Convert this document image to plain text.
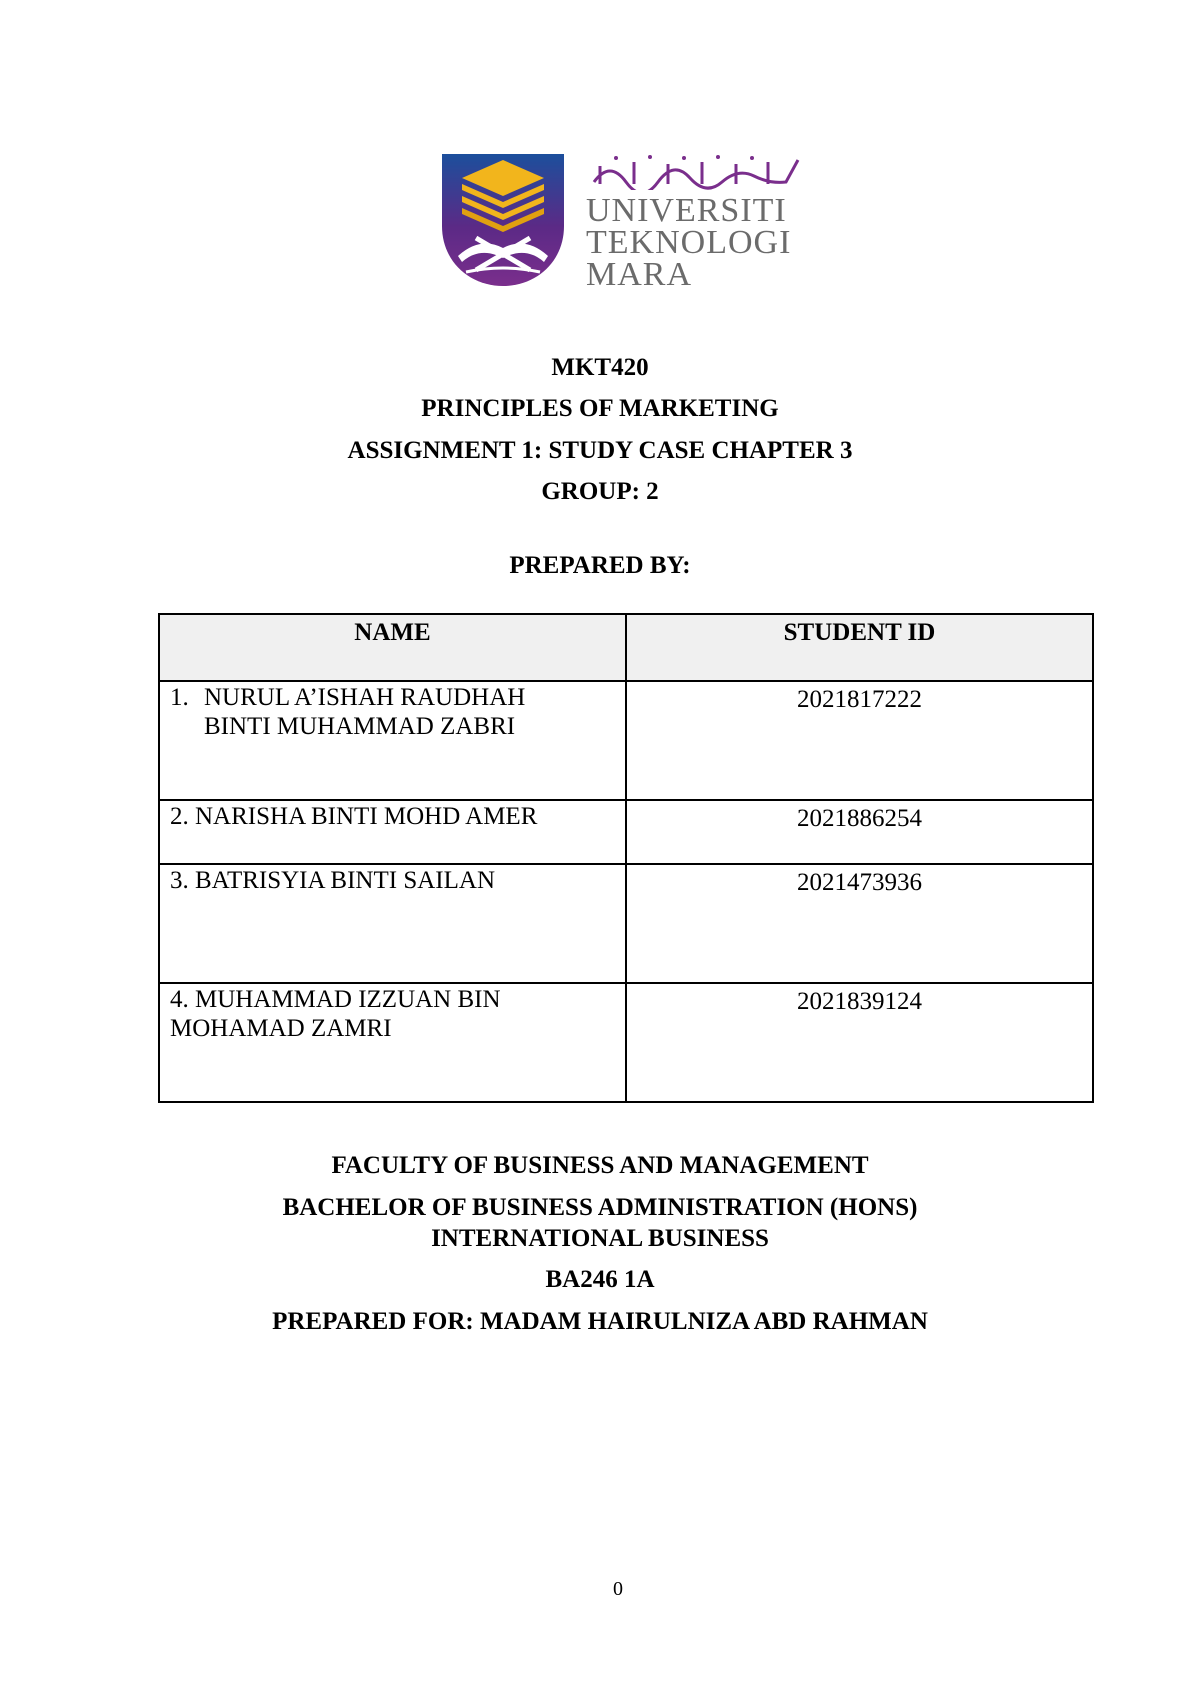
UNIVERSITI
TEKNOLOGI
MARA
MKT420
PRINCIPLES OF MARKETING
ASSIGNMENT 1: STUDY CASE CHAPTER 3
GROUP: 2
PREPARED BY:
NAME	STUDENT ID
1. NURUL A’ISHAH RAUDHAH
BINTI MUHAMMAD ZABRI	2021817222
2. NARISHA BINTI MOHD AMER	2021886254
3. BATRISYIA BINTI SAILAN	2021473936

4. MUHAMMAD IZZUAN BIN
MOHAMAD ZAMRI	2021839124
FACULTY OF BUSINESS AND MANAGEMENT
BACHELOR OF BUSINESS ADMINISTRATION (HONS)
INTERNATIONAL BUSINESS
BA246 1A
PREPARED FOR: MADAM HAIRULNIZA ABD RAHMAN
0
